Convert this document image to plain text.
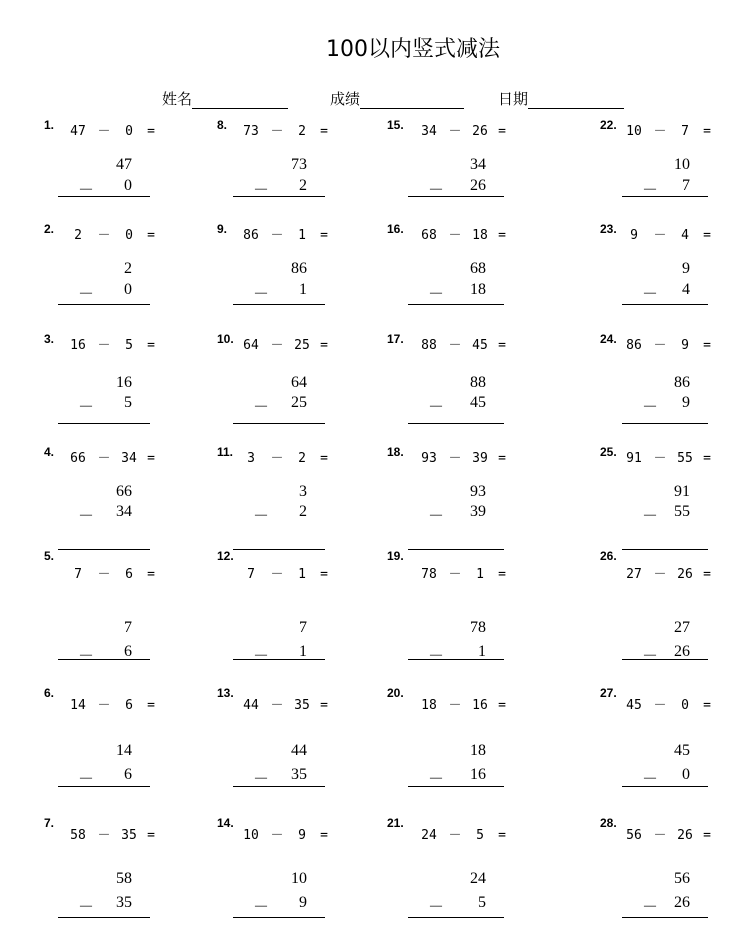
100以内竖式减法
姓名	成绩	日期
1.	47 － 0 =
47
－	0
2.	2 － 0 =
2
－	0
3.	16 － 5 =
16
－	5
4.	66 － 34 =
66
－	34
5.
7 － 6 =
7
－	6
6.
14 － 6 =
14
－	6
7.
58 － 35 =
58
－	35
8.	73 － 2 =
73
－	2
9.	86 － 1 =
86
－	1
10. 64 － 25 =
64
－	25
11.	3 － 2 =
3
－	2
12.
7 － 1 =
7
－	1
13.
44 － 35 =
44
－	35
14.
10 － 9 =
10
－	9
15.	34 － 26 =
34
－	26
16.	68 － 18 =
68
－	18
17.	88 － 45 =
88
－	45
18.	93 － 39 =
93
－	39
19.
78 － 1 =
78
－	1
20.
18 － 16 =
18
－	16
21.
24 － 5 =
24
－	5
22. 10 － 7 =
10
－	7
23.	9 － 4 =
9
－	4
24. 86 － 9 =
86
－	9
25. 91 － 55 =
91
－ 55
26.
27 － 26 =
27
－ 26
27.
45 － 0 =
45
－	0
28.
56 － 26 =
56
－ 26
